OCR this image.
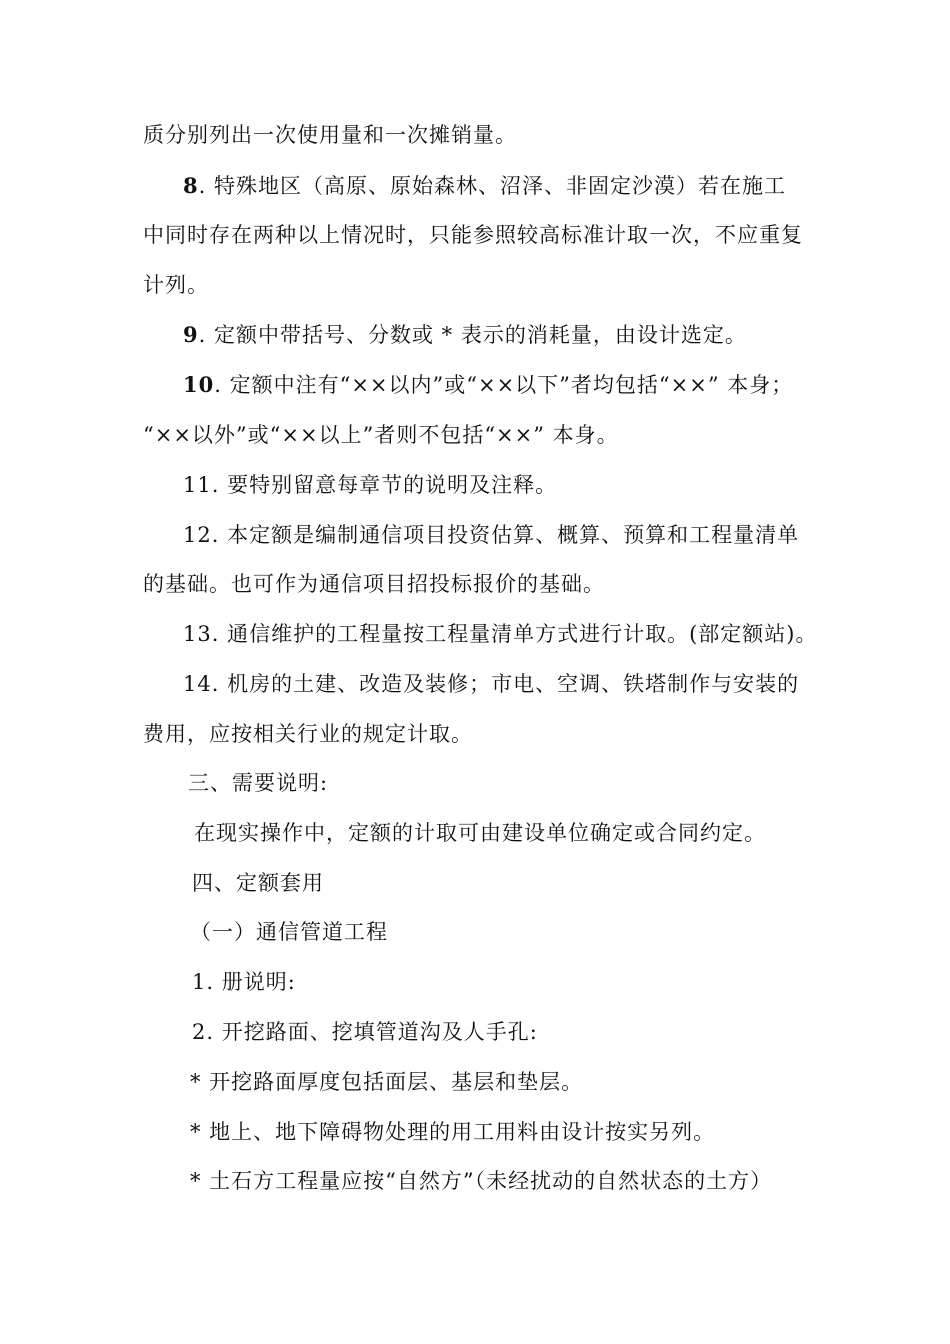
质分别列出一次使用量和一次摊销量。
8. 特殊地区（高原、原始森林、沼泽、非固定沙漠）若在施工
中同时存在两种以上情况时，只能参照较高标准计取一次，不应重复
计列。
9. 定额中带括号、分数或 * 表示的消耗量，由设计选定。
10. 定额中注有“××以内”或“××以下”者均包括“××” 本身；
“××以外”或“××以上”者则不包括“××” 本身。
11. 要特别留意每章节的说明及注释。
12. 本定额是编制通信项目投资估算、概算、预算和工程量清单
的基础。也可作为通信项目招投标报价的基础。
13. 通信维护的工程量按工程量清单方式进行计取。(部定额站)。
14. 机房的土建、改造及装修；市电、空调、铁塔制作与安装的
费用，应按相关行业的规定计取。
三、需要说明:
在现实操作中，定额的计取可由建设单位确定或合同约定。
四、定额套用
（一）通信管道工程
1. 册说明:
2. 开挖路面、挖填管道沟及人手孔:
* 开挖路面厚度包括面层、基层和垫层。
* 地上、地下障碍物处理的用工用料由设计按实另列。
* 土石方工程量应按“自然方”（未经扰动的自然状态的土方）
